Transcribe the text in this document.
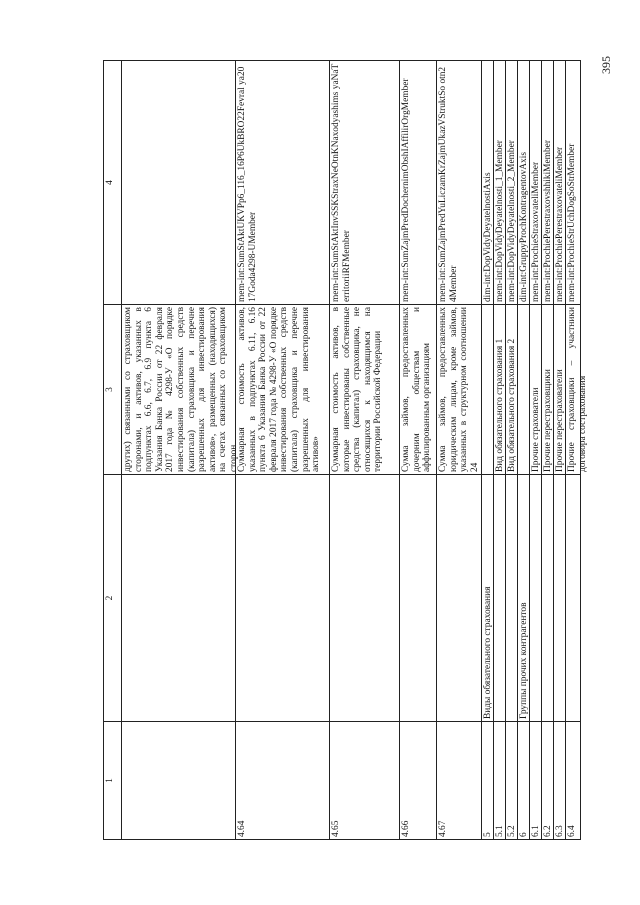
395
1
2
3
4
других) связанными со страховщиком сторонами, и активов, указанных в подпунктах 6.6, 6.7, 6.9 пункта 6 Указания Банка России от 22 февраля 2017 года № 4298-У «О порядке инвестирования собственных средств (капитала) страховщика и перечне разрешенных для инвестирования активов», размещенных (находящихся) на счетах связанных со страховщиком сторон
4.64
Суммарная стоимость активов, указанных в подпунктах 6.11, 6.16 пункта 6 Указания Банка России от 22 февраля 2017 года № 4298-У «О порядке инвестирования собственных средств (капитала) страховщика и перечне разрешенных для инвестирования активов»
mem-int:SumStAktUKVPp6_116_16P6UkBRO22Fevral ya2017Goda4298-UMember
4.65
Суммарная стоимость активов, в которые инвестированы собственные средства (капитал) страховщика, не относящихся к находящимся на территории Российской Федерации
mem-int:SumStAktInvSSKStraxNeOtnKNaxodyashims yaNaTerritoriiRFMember
4.66
Сумма займов, предоставленных дочерним обществам и аффилированным организациям
mem-int:SumZajmPredDochernimObshIAffilirOrgMember
4.67
Сумма займов, предоставленных юридическим лицам, кроме займов, указанных в структурном соотношении 24
mem-int:SumZajmPredYuLiczamKrZajmUkazVStruktSo otn24Member
5
Виды обязательного страхования
dim-int:DopVidyDeyatelnostiAxis
5.1
Вид обязательного страхования 1
mem-int:DopVidyDeyatelnosti_1_Member
5.2
Вид обязательного страхования 2
mem-int:DopVidyDeyatelnosti_2_Member
6
Группы прочих контрагентов
dim-int:GruppyProchKontragentovAxis
6.1
Прочие страхователи
mem-int:ProchieStraxovateliMember
6.2
Прочие перестраховщики
mem-int:ProchiePerestraxovshhikiMember
6.3
Прочие перестрахователи
mem-int:ProchiePerestraxovateliMember
6.4
Прочие страховщики – участники договора сострахования
mem-int:ProchieStrUchDogSoStrMember
